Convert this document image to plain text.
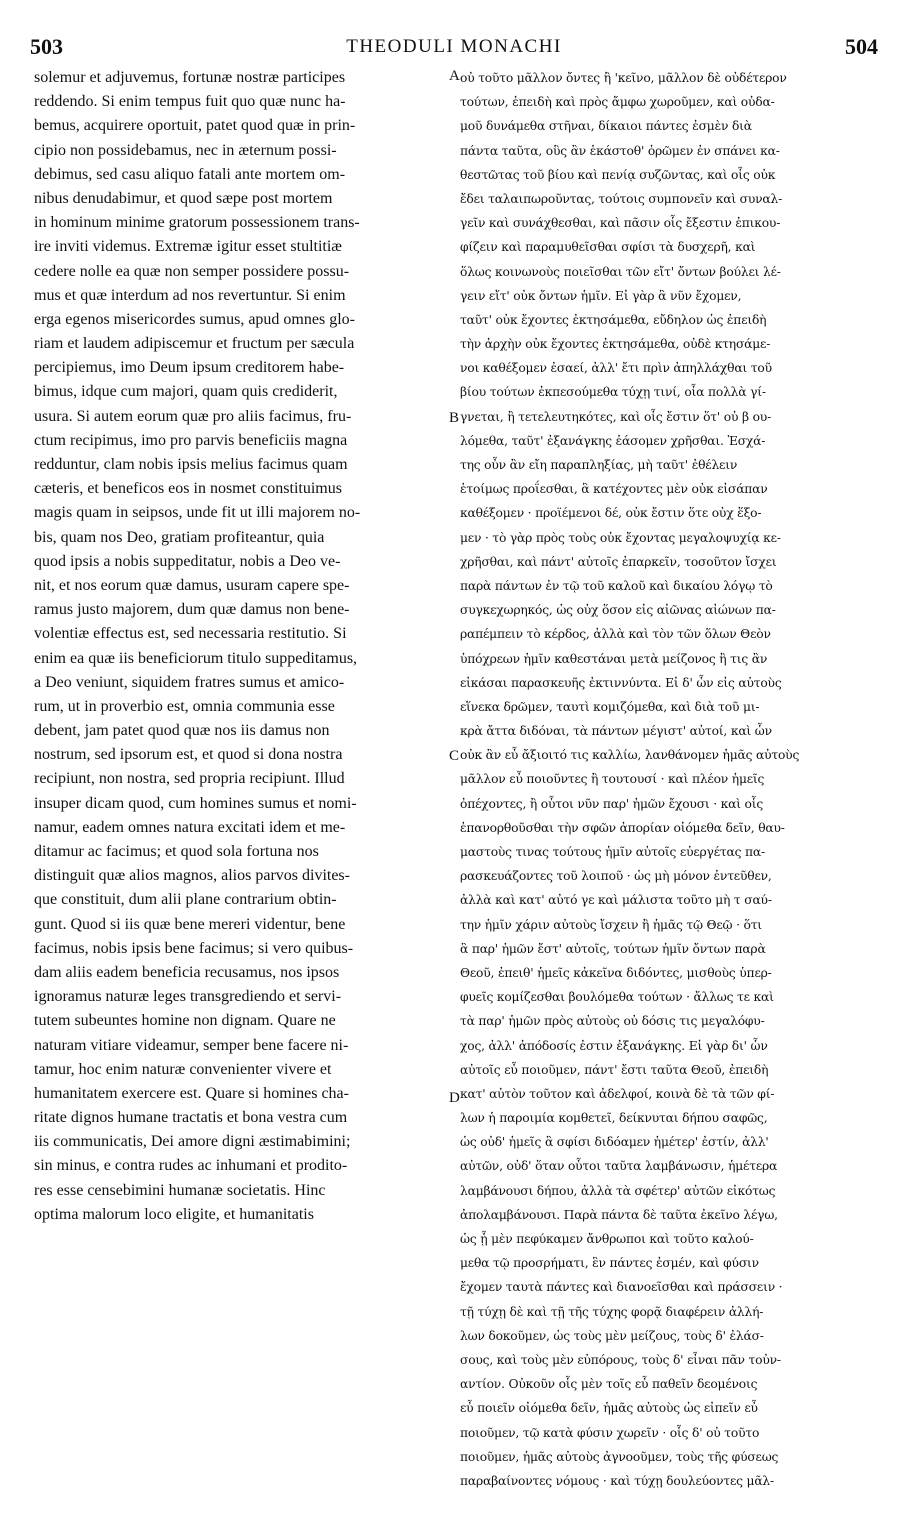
503	THEODULI MONACHI	504
solemur et adjuvemus, fortunæ nostræ participes
reddendo. Si enim tempus fuit quo quæ nunc ha-
bemus, acquirere oportuit, patet quod quæ in prin-
cipio non possidebamus, nec in æternum possi-
debimus, sed casu aliquo fatali ante mortem om-
nibus denudabimur, et quod sæpe post mortem
in hominum minime gratorum possessionem trans-
ire inviti videmus. Extremæ igitur esset stultitiæ
cedere nolle ea quæ non semper possidere possu-
mus et quæ interdum ad nos revertuntur. Si enim
erga egenos misericordes sumus, apud omnes glo-
riam et laudem adipiscemur et fructum per sæcula
percipiemus, imo Deum ipsum creditorem habe-
bimus, idque cum majori, quam quis crediderit,
usura. Si autem eorum quæ pro aliis facimus, fru-
ctum recipimus, imo pro parvis beneficiis magna
redduntur, clam nobis ipsis melius facimus quam
cæteris, et beneficos eos in nosmet constituimus
magis quam in seipsos, unde fit ut illi majorem no-
bis, quam nos Deo, gratiam profiteantur, quia
quod ipsis a nobis suppeditatur, nobis a Deo ve-
nit, et nos eorum quæ damus, usuram capere spe-
ramus justo majorem, dum quæ damus non bene-
volentiæ effectus est, sed necessaria restitutio. Si
enim ea quæ iis beneficiorum titulo suppeditamus,
a Deo veniunt, siquidem fratres sumus et amico-
rum, ut in proverbio est, omnia communia esse
debent, jam patet quod quæ nos iis damus non
nostrum, sed ipsorum est, et quod si dona nostra
recipiunt, non nostra, sed propria recipiunt. Illud
insuper dicam quod, cum homines sumus et nomi-
namur, eadem omnes natura excitati idem et me-
ditamur ac facimus; et quod sola fortuna nos
distinguit quæ alios magnos, alios parvos divites-
que constituit, dum alii plane contrarium obtin-
gunt. Quod si iis quæ bene mereri videntur, bene
facimus, nobis ipsis bene facimus; si vero quibus-
dam aliis eadem beneficia recusamus, nos ipsos
ignoramus naturæ leges transgrediendo et servi-
tutem subeuntes homine non dignam. Quare ne
naturam vitiare videamur, semper bene facere ni-
tamur, hoc enim naturæ convenienter vivere et
humanitatem exercere est. Quare si homines cha-
ritate dignos humane tractatis et bona vestra cum
iis communicatis, Dei amore digni æstimabimini;
sin minus, e contra rudes ac inhumani et prodito-
res esse censebimini humanæ societatis. Hinc
optima malorum loco eligite, et humanitatis
οὐ τοῦτο μᾶλλον ὄντες ἢ 'κεῖνο, μᾶλλον δὲ οὐδέτερον
τούτων, ἐπειδὴ καὶ πρὸς ἄμφω χωροῦμεν, καὶ οὐδα-
μοῦ δυνάμεθα στῆναι, δίκαιοι πάντες ἐσμὲν διὰ
πάντα ταῦτα, οὓς ἂν ἑκάστοθ' ὁρῶμεν ἐν σπάνει κα-
θεστῶτας τοῦ βίου καὶ πενίᾳ συζῶντας, καὶ οἷς οὐκ
ἔδει ταλαιπωροῦντας, τούτοις συμπονεῖν καὶ συναλ-
γεῖν καὶ συνάχθεσθαι, καὶ πᾶσιν οἷς ἔξεστιν ἐπικου-
φίζειν καὶ παραμυθεῖσθαι σφίσι τὰ δυσχερῆ, καὶ
ὅλως κοινωνοὺς ποιεῖσθαι τῶν εἴτ' ὄντων βούλει λέ-
γειν εἴτ' οὐκ ὄντων ἡμῖν. Εἰ γὰρ ἃ νῦν ἔχομεν,
ταῦτ' οὐκ ἔχοντες ἐκτησάμεθα, εὔδηλον ὡς ἐπειδὴ
τὴν ἀρχὴν οὐκ ἔχοντες ἐκτησάμεθα, οὐδὲ κτησάμε-
νοι καθέξομεν ἐσαεί, ἀλλ' ἔτι πρὶν ἀπηλλάχθαι τοῦ
βίου τούτων ἐκπεσούμεθα τύχῃ τινί, οἷα πολλὰ γί-
γνεται, ἢ τετελευτηκότες, καὶ οἷς ἔστιν ὅτ' οὐ β ου-
λόμεθα, ταῦτ' ἐξανάγκης ἐάσομεν χρῆσθαι. Ἐσχά-
της οὖν ἂν εἴη παραπληξίας, μὴ ταῦτ' ἐθέλειν
ἑτοίμως προΐεσθαι, ἃ κατέχοντες μὲν οὐκ εἰσάπαν
καθέξομεν · προϊέμενοι δέ, οὐκ ἔστιν ὅτε οὐχ ἕξο-
μεν · τὸ γὰρ πρὸς τοὺς οὐκ ἔχοντας μεγαλοψυχίᾳ κε-
χρῆσθαι, καὶ πάντ' αὐτοῖς ἐπαρκεῖν, τοσοῦτον ἴσχει
παρὰ πάντων ἐν τῷ τοῦ καλοῦ καὶ δικαίου λόγῳ τὸ
συγκεχωρηκός, ὡς οὐχ ὅσον εἰς αἰῶνας αἰώνων πα-
ραπέμπειν τὸ κέρδος, ἀλλὰ καὶ τὸν τῶν ὅλων Θεὸν
ὑπόχρεων ἡμῖν καθεστάναι μετὰ μείζονος ἢ τις ἂν
εἰκάσαι παρασκευῆς ἐκτιννύντα. Εἰ δ' ὧν εἰς αὐτοὺς
εἵνεκα δρῶμεν, ταυτὶ κομιζόμεθα, καὶ διὰ τοῦ μι-
κρὰ ἄττα διδόναι, τὰ πάντων μέγιστ' αὐτοί, καὶ ὧν
οὐκ ἂν εὖ ἄξιοιτό τις καλλίω, λανθάνομεν ἡμᾶς αὐτοὺς
μᾶλλον εὖ ποιοῦντες ἢ τουτουσί · καὶ πλέον ἡμεῖς
ὀπέχοντες, ἢ οὗτοι νῦν παρ' ἡμῶν ἔχουσι · καὶ οἷς
ἐπανορθοῦσθαι τὴν σφῶν ἀπορίαν οἰόμεθα δεῖν, θαυ-
μαστοὺς τινας τούτους ἡμῖν αὐτοῖς εὐεργέτας πα-
ρασκευάζοντες τοῦ λοιποῦ · ὡς μὴ μόνον ἐντεῦθεν,
ἀλλὰ καὶ κατ' αὐτό γε καὶ μάλιστα τοῦτο μὴ τ σαύ-
την ἡμῖν χάριν αὐτοὺς ἴσχειν ἢ ἡμᾶς τῷ Θεῷ · ὅτι
ἃ παρ' ἡμῶν ἔστ' αὐτοῖς, τούτων ἡμῖν ὄντων παρὰ
Θεοῦ, ἐπειθ' ἡμεῖς κἀκεῖνα διδόντες, μισθοὺς ὑπερ-
φυεῖς κομίζεσθαι βουλόμεθα τούτων · ἄλλως τε καὶ
τὰ παρ' ἡμῶν πρὸς αὐτοὺς οὐ δόσις τις μεγαλόφυ-
χος, ἀλλ' ἀπόδοσίς ἐστιν ἐξανάγκης. Εἰ γὰρ δι' ὧν
αὐτοῖς εὖ ποιοῦμεν, πάντ' ἔστι ταῦτα Θεοῦ, ἐπειδὴ
κατ' αὐτὸν τοῦτον καὶ ἀδελφοί, κοινὰ δὲ τὰ τῶν φί-
λων ἡ παροιμία κομθετεῖ, δείκνυται δήπου σαφῶς,
ὡς οὐδ' ἡμεῖς ἃ σφίσι διδόαμεν ἡμέτερ' ἐστίν, ἀλλ'
αὐτῶν, οὐδ' ὅταν οὗτοι ταῦτα λαμβάνωσιν, ἡμέτερα
λαμβάνουσι δήπου, ἀλλὰ τὰ σφέτερ' αὐτῶν εἰκότως
ἀπολαμβάνουσι. Παρὰ πάντα δὲ ταῦτα ἐκεῖνο λέγω,
ὡς ᾗ μὲν πεφύκαμεν ἄνθρωποι καὶ τοῦτο καλού-
μεθα τῷ προσρήματι, ἓν πάντες ἐσμέν, καὶ φύσιν
ἔχομεν ταυτὰ πάντες καὶ διανοεῖσθαι καὶ πράσσειν ·
τῇ τύχῃ δὲ καὶ τῇ τῆς τύχης φορᾷ διαφέρειν ἀλλή-
λων δοκοῦμεν, ὡς τοὺς μὲν μείζους, τοὺς δ' ἐλάσ-
σους, καὶ τοὺς μὲν εὐπόρους, τοὺς δ' εἶναι πᾶν τοὐν-
αντίον. Οὐκοῦν οἷς μὲν τοῖς εὖ παθεῖν δεομένοις
εὖ ποιεῖν οἰόμεθα δεῖν, ἡμᾶς αὐτοὺς ὡς εἰπεῖν εὖ
ποιοῦμεν, τῷ κατὰ φύσιν χωρεῖν · οἷς δ' οὐ τοῦτο
ποιοῦμεν, ἡμᾶς αὐτοὺς ἀγνοοῦμεν, τοὺς τῆς φύσεως
παραβαίνοντες νόμους · καὶ τύχῃ δουλεύοντες μᾶλ-
A
B
C
D
